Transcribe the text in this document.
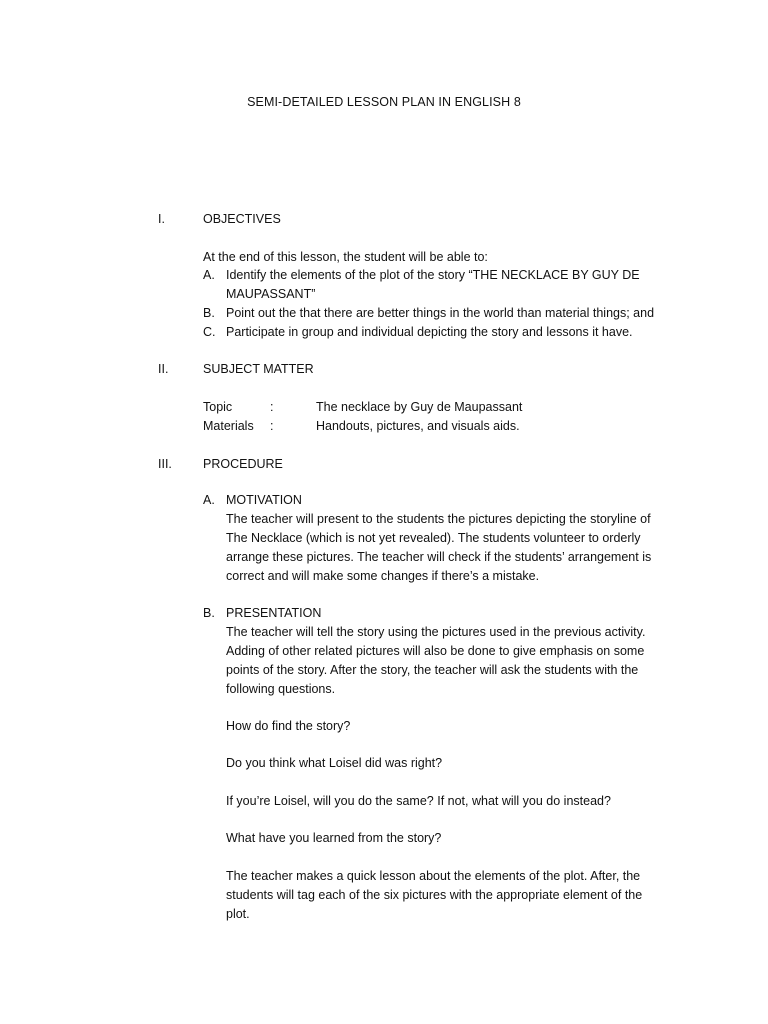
SEMI-DETAILED LESSON PLAN IN ENGLISH 8
I.	OBJECTIVES
At the end of this lesson, the student will be able to:
A. Identify the elements of the plot of the story “THE NECKLACE BY GUY DE
MAUPASSANT”
B. Point out the that there are better things in the world than material things; and
C. Participate in group and individual depicting the story and lessons it have.
II.	SUBJECT MATTER
Topic	:	The necklace by Guy de Maupassant
Materials :	Handouts, pictures, and visuals aids.
III. PROCEDURE
A. MOTIVATION
The teacher will present to the students the pictures depicting the storyline of
The Necklace (which is not yet revealed). The students volunteer to orderly
arrange these pictures. The teacher will check if the students’ arrangement is
correct and will make some changes if there’s a mistake.
B. PRESENTATION
The teacher will tell the story using the pictures used in the previous activity.
Adding of other related pictures will also be done to give emphasis on some
points of the story. After the story, the teacher will ask the students with the
following questions.
How do find the story?
Do you think what Loisel did was right?
If you’re Loisel, will you do the same? If not, what will you do instead?
What have you learned from the story?
The teacher makes a quick lesson about the elements of the plot. After, the
students will tag each of the six pictures with the appropriate element of the
plot.
